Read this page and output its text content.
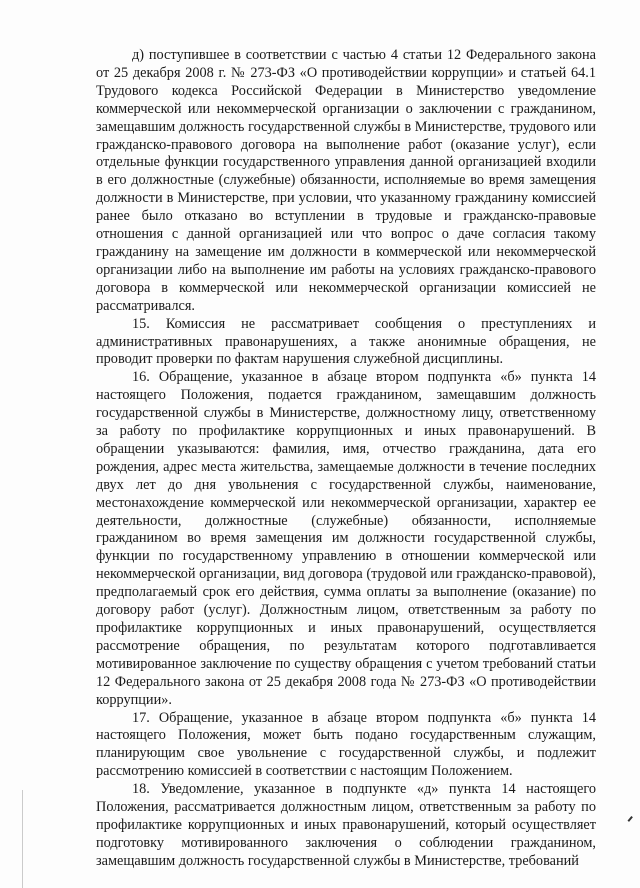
д) поступившее в соответствии с частью 4 статьи 12 Федерального закона от 25 декабря 2008 г. № 273-ФЗ «О противодействии коррупции» и статьей 64.1 Трудового кодекса Российской Федерации в Министерство уведомление коммерческой или некоммерческой организации о заключении с гражданином, замещавшим должность государственной службы в Министерстве, трудового или гражданско-правового договора на выполнение работ (оказание услуг), если отдельные функции государственного управления данной организацией входили в его должностные (служебные) обязанности, исполняемые во время замещения должности в Министерстве, при условии, что указанному гражданину комиссией ранее было отказано во вступлении в трудовые и гражданско-правовые отношения с данной организацией или что вопрос о даче согласия такому гражданину на замещение им должности в коммерческой или некоммерческой организации либо на выполнение им работы на условиях гражданско-правового договора в коммерческой или некоммерческой организации комиссией не рассматривался.

15. Комиссия не рассматривает сообщения о преступлениях и административных правонарушениях, а также анонимные обращения, не проводит проверки по фактам нарушения служебной дисциплины.

16. Обращение, указанное в абзаце втором подпункта «б» пункта 14 настоящего Положения, подается гражданином, замещавшим должность государственной службы в Министерстве, должностному лицу, ответственному за работу по профилактике коррупционных и иных правонарушений. В обращении указываются: фамилия, имя, отчество гражданина, дата его рождения, адрес места жительства, замещаемые должности в течение последних двух лет до дня увольнения с государственной службы, наименование, местонахождение коммерческой или некоммерческой организации, характер ее деятельности, должностные (служебные) обязанности, исполняемые гражданином во время замещения им должности государственной службы, функции по государственному управлению в отношении коммерческой или некоммерческой организации, вид договора (трудовой или гражданско-правовой), предполагаемый срок его действия, сумма оплаты за выполнение (оказание) по договору работ (услуг). Должностным лицом, ответственным за работу по профилактике коррупционных и иных правонарушений, осуществляется рассмотрение обращения, по результатам которого подготавливается мотивированное заключение по существу обращения с учетом требований статьи 12 Федерального закона от 25 декабря 2008 года № 273-ФЗ «О противодействии коррупции».

17. Обращение, указанное в абзаце втором подпункта «б» пункта 14 настоящего Положения, может быть подано государственным служащим, планирующим свое увольнение с государственной службы, и подлежит рассмотрению комиссией в соответствии с настоящим Положением.

18. Уведомление, указанное в подпункте «д» пункта 14 настоящего Положения, рассматривается должностным лицом, ответственным за работу по профилактике коррупционных и иных правонарушений, который осуществляет подготовку мотивированного заключения о соблюдении гражданином, замещавшим должность государственной службы в Министерстве, требований
